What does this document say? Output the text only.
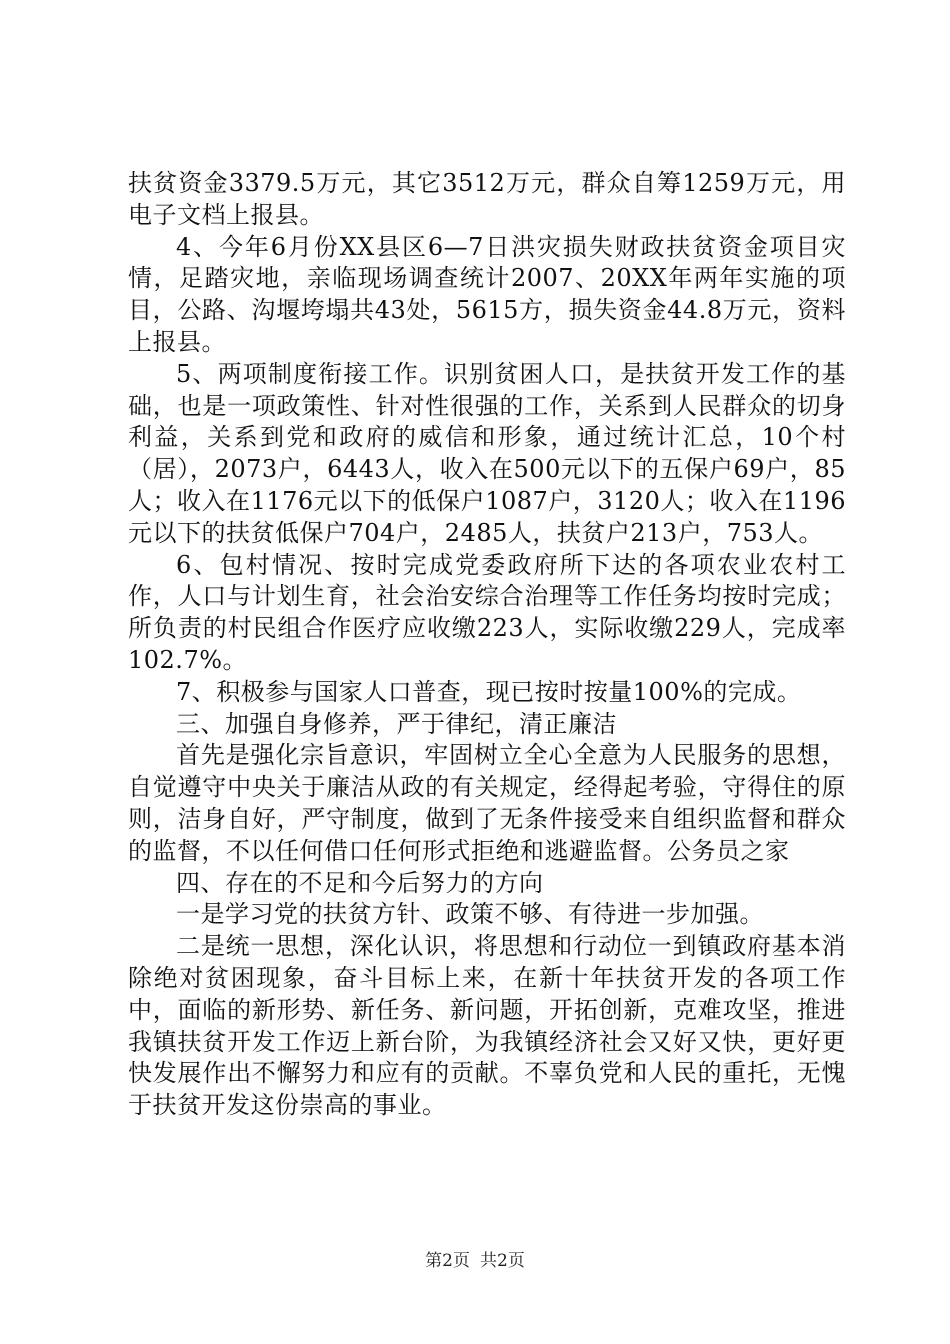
扶贫资金3379.5万元，其它3512万元，群众自筹1259万元，用电子文档上报县。

4、今年6月份XX县区6—7日洪灾损失财政扶贫资金项目灾情，足踏灾地，亲临现场调查统计2007、20XX年两年实施的项目，公路、沟堰垮塌共43处，5615方，损失资金44.8万元，资料上报县。

5、两项制度衔接工作。识别贫困人口，是扶贫开发工作的基础，也是一项政策性、针对性很强的工作，关系到人民群众的切身利益，关系到党和政府的威信和形象，通过统计汇总，10个村（居），2073户，6443人，收入在500元以下的五保户69户，85人；收入在1176元以下的低保户1087户，3120人；收入在1196元以下的扶贫低保户704户，2485人，扶贫户213户，753人。

6、包村情况、按时完成党委政府所下达的各项农业农村工作，人口与计划生育，社会治安综合治理等工作任务均按时完成；所负责的村民组合作医疗应收缴223人，实际收缴229人，完成率102.7%。

7、积极参与国家人口普查，现已按时按量100%的完成。

三、加强自身修养，严于律纪，清正廉洁

首先是强化宗旨意识，牢固树立全心全意为人民服务的思想，自觉遵守中央关于廉洁从政的有关规定，经得起考验，守得住的原则，洁身自好，严守制度，做到了无条件接受来自组织监督和群众的监督，不以任何借口任何形式拒绝和逃避监督。公务员之家

四、存在的不足和今后努力的方向

一是学习党的扶贫方针、政策不够、有待进一步加强。

二是统一思想，深化认识，将思想和行动位一到镇政府基本消除绝对贫困现象，奋斗目标上来，在新十年扶贫开发的各项工作中，面临的新形势、新任务、新问题，开拓创新，克难攻坚，推进我镇扶贫开发工作迈上新台阶，为我镇经济社会又好又快，更好更快发展作出不懈努力和应有的贡献。不辜负党和人民的重托，无愧于扶贫开发这份崇高的事业。

第2页 共2页
